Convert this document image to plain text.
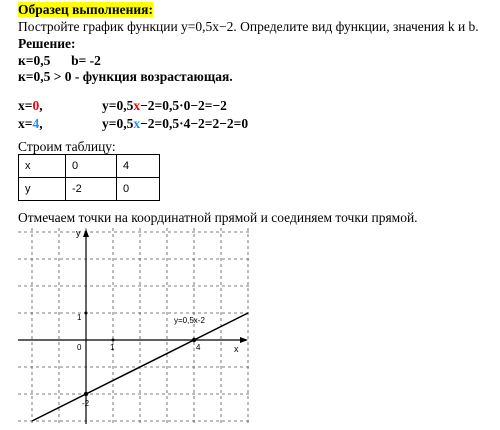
Образец выполнения:
Постройте график функции y=0,5x−2. Определите вид функции, значения k и b.
Решение:
к=0,5 b= -2
к=0,5 > 0 - функция возрастающая.
x=0,	y=0,5x−2=0,5·0−2=−2
x=4,	y=0,5x−2=0,5·4−2=2−2=0
Строим таблицу:
x	0	4
y	-2	0
Отмечаем точки на координатной прямой и соединяем точки прямой.
y
x
0	1	4
1
-2
у=0,5х-2
